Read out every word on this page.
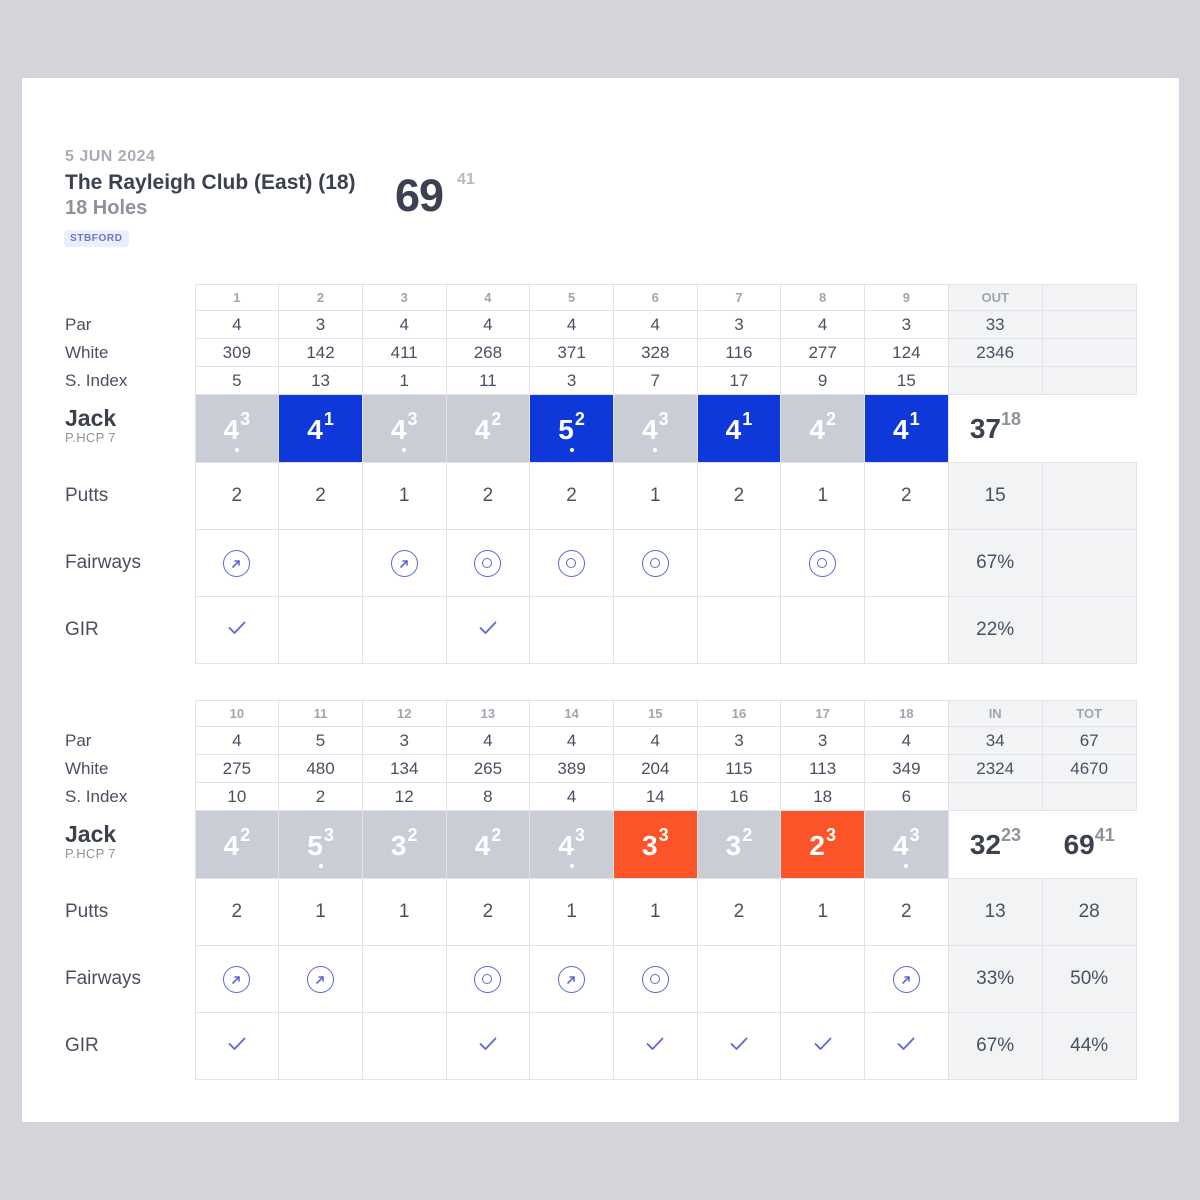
5 JUN 2024
The Rayleigh Club (East) (18)
18 Holes
STBFORD
69 41
	1	2	3	4	5	6	7	8	9	OUT	
Par	4	3	4	4	4	4	3	4	3	33	
White	309	142	411	268	371	328	116	277	124	2346	
S. Index	5	13	1	11	3	7	17	9	15		

Jack
P.HCP 7	43	41	43	42	52	43	41	42	41	3718	
Putts	2	2	1	2	2	1	2	1	2	15	
Fairways										67%	
GIR										22%	
	10	11	12	13	14	15	16	17	18	IN	TOT
Par	4	5	3	4	4	4	3	3	4	34	67
White	275	480	134	265	389	204	115	113	349	2324	4670
S. Index	10	2	12	8	4	14	16	18	6		

Jack
P.HCP 7	42	53	32	42	43	33	32	23	43	3223	6941
Putts	2	1	1	2	1	1	2	1	2	13	28
Fairways										33%	50%
GIR										67%	44%
